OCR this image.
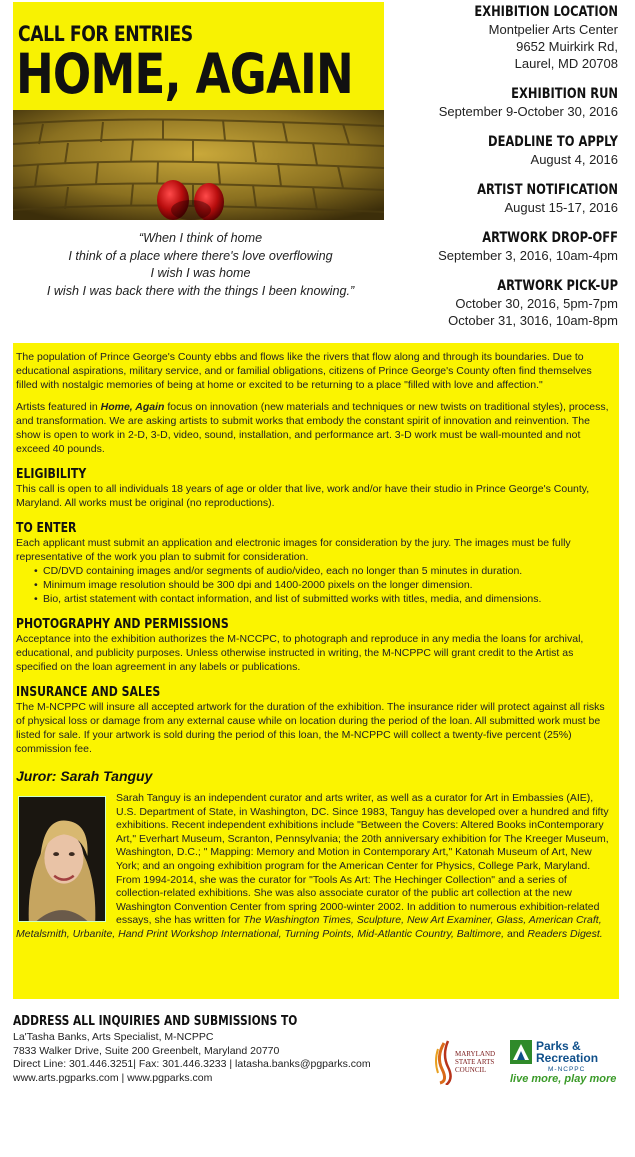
CALL FOR ENTRIES
HOME, AGAIN
“When I think of home
I think of a place where there's love overflowing
I wish I was home
I wish I was back there with the things I been knowing.”
EXHIBITION LOCATION
Montpelier Arts Center
9652 Muirkirk Rd,
Laurel, MD 20708
EXHIBITION RUN
September 9-October 30, 2016
DEADLINE TO APPLY
August 4, 2016
ARTIST NOTIFICATION
August 15-17, 2016
ARTWORK DROP-OFF
September 3, 2016, 10am-4pm
ARTWORK PICK-UP
October 30, 2016, 5pm-7pm
October 31, 3016, 10am-8pm

The population of Prince George's County ebbs and flows like the rivers that flow along and through its boundaries. Due to educational aspirations, military service, and or familial obligations, citizens of Prince George's County often find themselves filled with nostalgic memories of being at home or excited to be returning to a place "filled with love and affection."

Artists featured in Home, Again focus on innovation (new materials and techniques or new twists on traditional styles), process, and transformation. We are asking artists to submit works that embody the constant spirit of innovation and reinvention. The show is open to work in 2-D, 3-D, video, sound, installation, and performance art. 3-D work must be wall-mounted and not exceed 40 pounds.

ELIGIBILITY

This call is open to all individuals 18 years of age or older that live, work and/or have their studio in Prince George's County, Maryland. All works must be original (no reproductions).

TO ENTER

Each applicant must submit an application and electronic images for consideration by the jury. The images must be fully representative of the work you plan to submit for consideration.

• CD/DVD containing images and/or segments of audio/video, each no longer than 5 minutes in duration.
• Minimum image resolution should be 300 dpi and 1400-2000 pixels on the longer dimension.
• Bio, artist statement with contact information, and list of submitted works with titles, media, and dimensions.
PHOTOGRAPHY AND PERMISSIONS

Acceptance into the exhibition authorizes the M-NCCPC, to photograph and reproduce in any media the loans for archival, educational, and publicity purposes. Unless otherwise instructed in writing, the M-NCPPC will grant credit to the Artist as specified on the loan agreement in any labels or publications.

INSURANCE AND SALES

The M-NCPPC will insure all accepted artwork for the duration of the exhibition. The insurance rider will protect against all risks of physical loss or damage from any external cause while on location during the period of the loan. All submitted work must be listed for sale. If your artwork is sold during the period of this loan, the M-NCPPC will collect a twenty-five percent (25%) commission fee.

Juror: Sarah Tanguy

Sarah Tanguy is an independent curator and arts writer, as well as a curator for Art in Embassies (AIE), U.S. Department of State, in Washington, DC. Since 1983, Tanguy has developed over a hundred and fifty exhibitions. Recent independent exhibitions include "Between the Covers: Altered Books inContemporary Art," Everhart Museum, Scranton, Pennsylvania; the 20th anniversary exhibition for The Kreeger Museum, Washington, D.C.; " Mapping: Memory and Motion in Contemporary Art," Katonah Museum of Art, New York; and an ongoing exhibition program for the American Center for Physics, College Park, Maryland. From 1994-2014, she was the curator for "Tools As Art: The Hechinger Collection" and a series of collection-related exhibitions. She was also associate curator of the public art collection at the new Washington Convention Center from spring 2000-winter 2002. In addition to numerous exhibition-related essays, she has written for The Washington Times, Sculpture, New Art Examiner, Glass, American Craft, Metalsmith, Urbanite, Hand Print Workshop International, Turning Points, Mid-Atlantic Country, Baltimore, and Readers Digest.

ADDRESS ALL INQUIRIES AND SUBMISSIONS TO
La'Tasha Banks, Arts Specialist, M-NCPPC
7833 Walker Drive, Suite 200 Greenbelt, Maryland 20770
Direct Line: 301.446.3251| Fax: 301.446.3233 | latasha.banks@pgparks.com
www.arts.pgparks.com | www.pgparks.com
MARYLAND
STATE ARTS
COUNCIL
Parks &
Recreation
M-NCPPC
live more, play more
